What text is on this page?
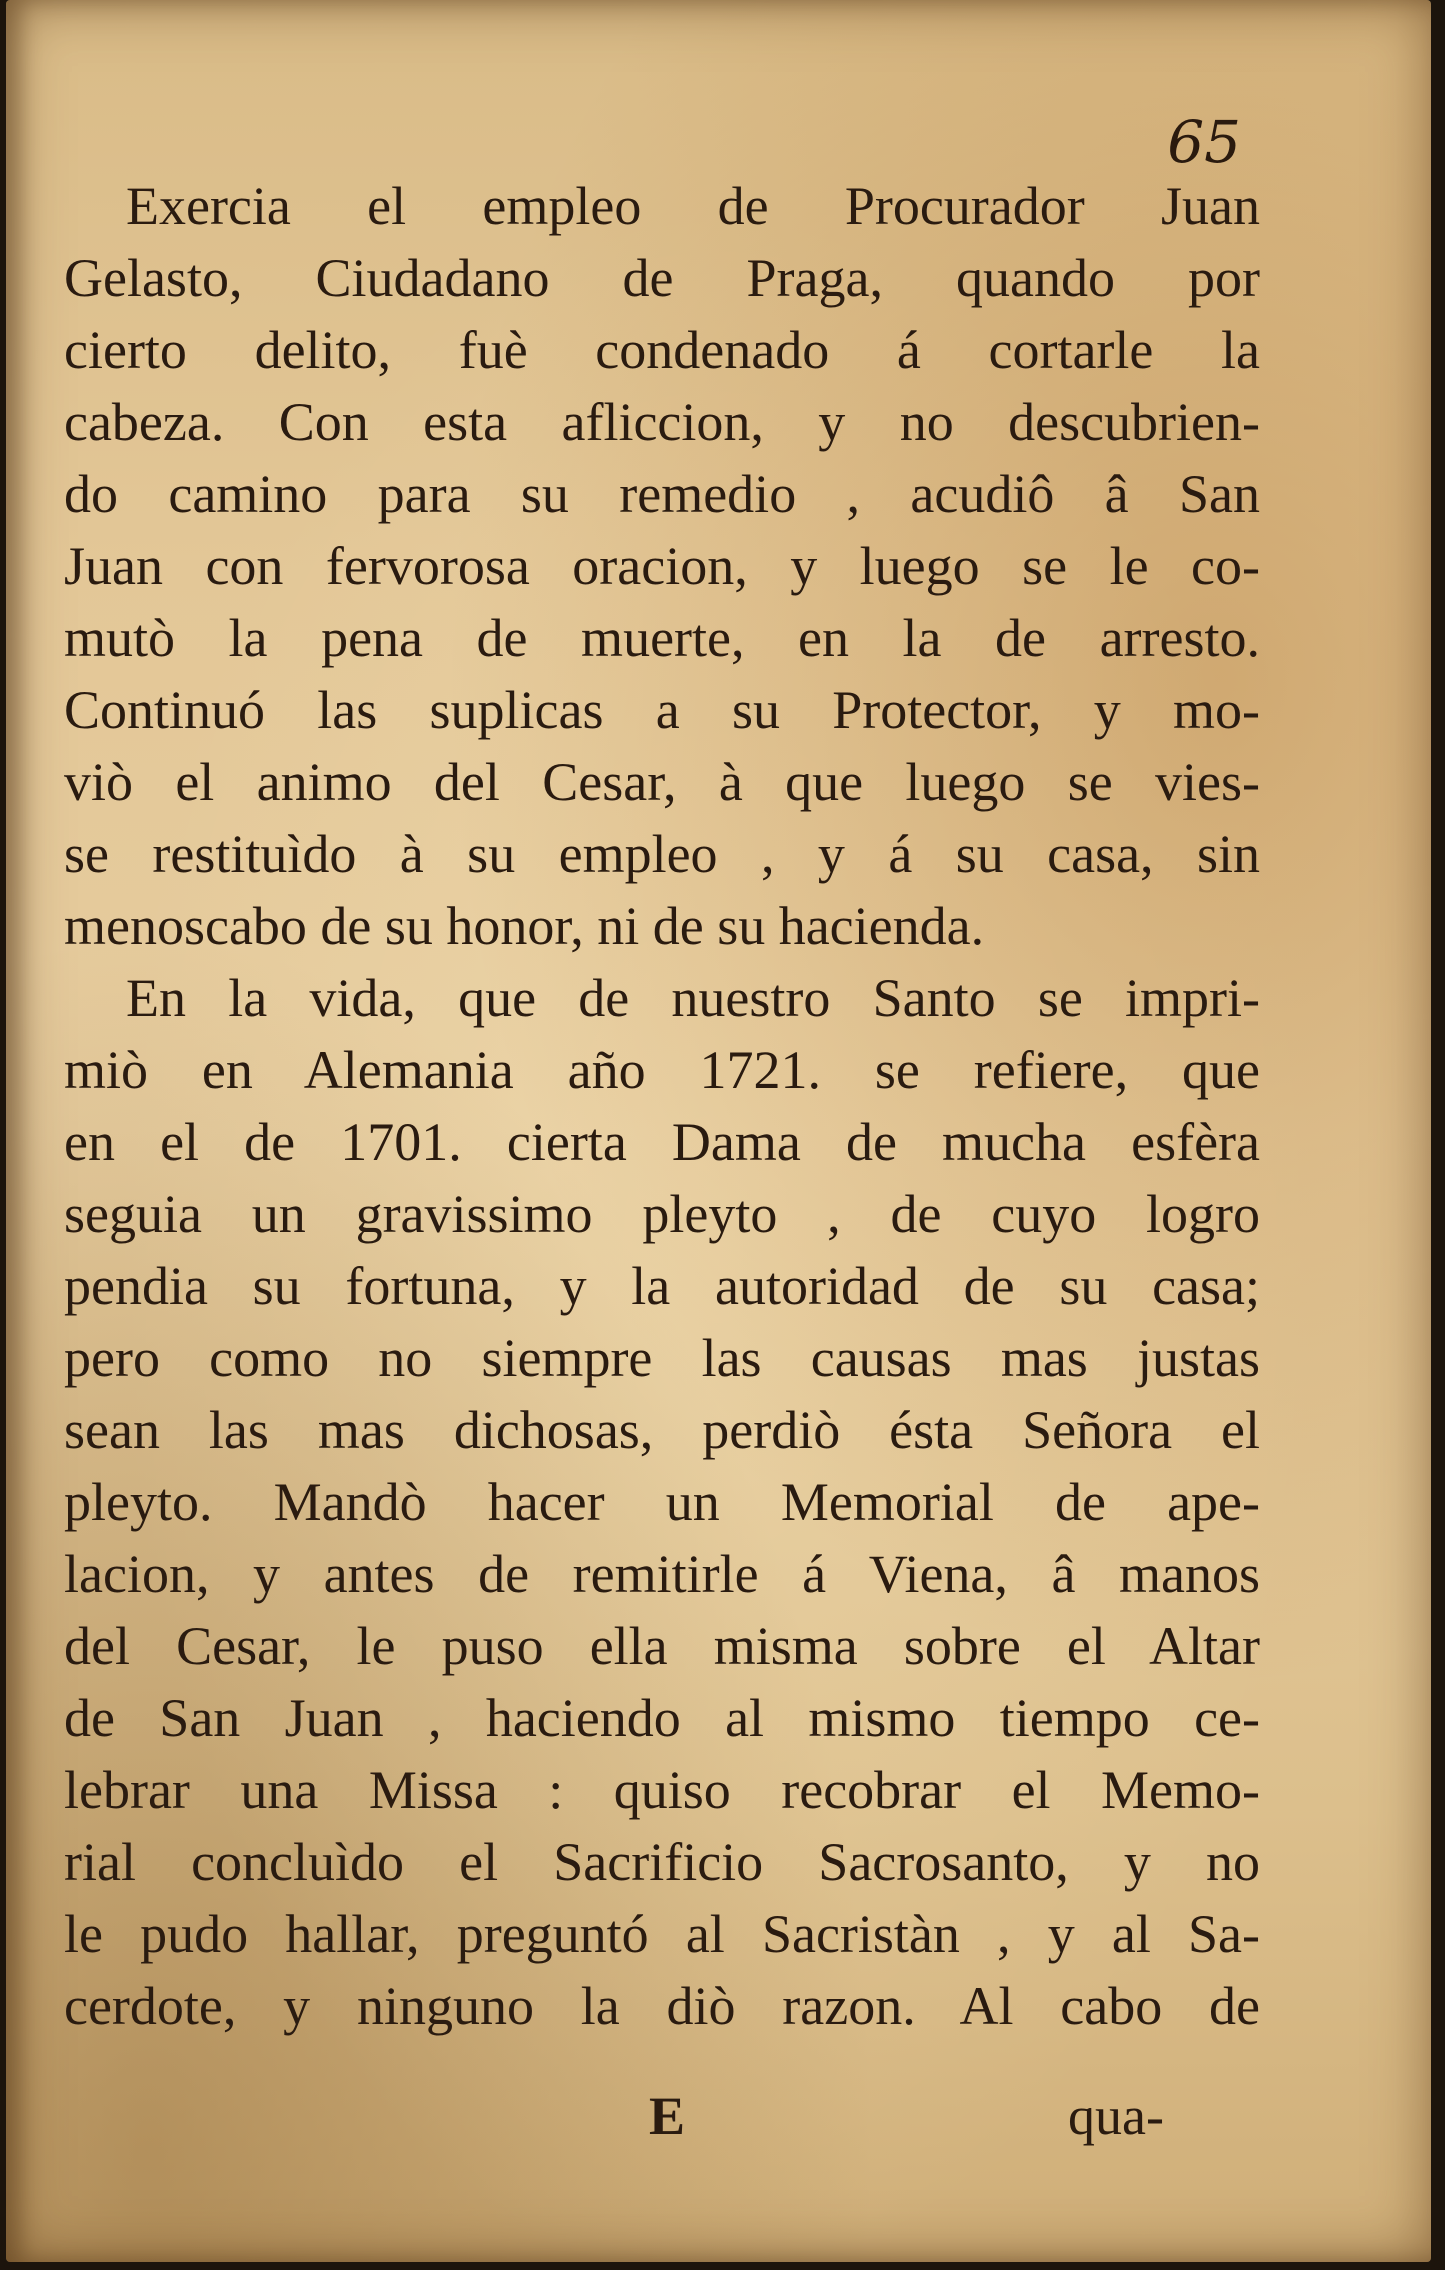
65
Exercia el empleo de Procurador Juan
Gelasto, Ciudadano de Praga, quando por
cierto delito, fuè condenado á cortarle la
cabeza. Con esta afliccion, y no descubrien-
do camino para su remedio , acudiô â San
Juan con fervorosa oracion, y luego se le co-
mutò la pena de muerte, en la de arresto.
Continuó las suplicas a su Protector, y mo-
viò el animo del Cesar, à que luego se vies-
se restituìdo à su empleo , y á su casa, sin
menoscabo de su honor, ni de su hacienda.
En la vida, que de nuestro Santo se impri-
miò en Alemania año 1721. se refiere, que
en el de 1701. cierta Dama de mucha esfèra
seguia un gravissimo pleyto , de cuyo logro
pendia su fortuna, y la autoridad de su casa;
pero como no siempre las causas mas justas
sean las mas dichosas, perdiò ésta Señora el
pleyto. Mandò hacer un Memorial de ape-
lacion, y antes de remitirle á Viena, â manos
del Cesar, le puso ella misma sobre el Altar
de San Juan , haciendo al mismo tiempo ce-
lebrar una Missa : quiso recobrar el Memo-
rial concluìdo el Sacrificio Sacrosanto, y no
le pudo hallar, preguntó al Sacristàn , y al Sa-
cerdote, y ninguno la diò razon. Al cabo de
E	qua-
